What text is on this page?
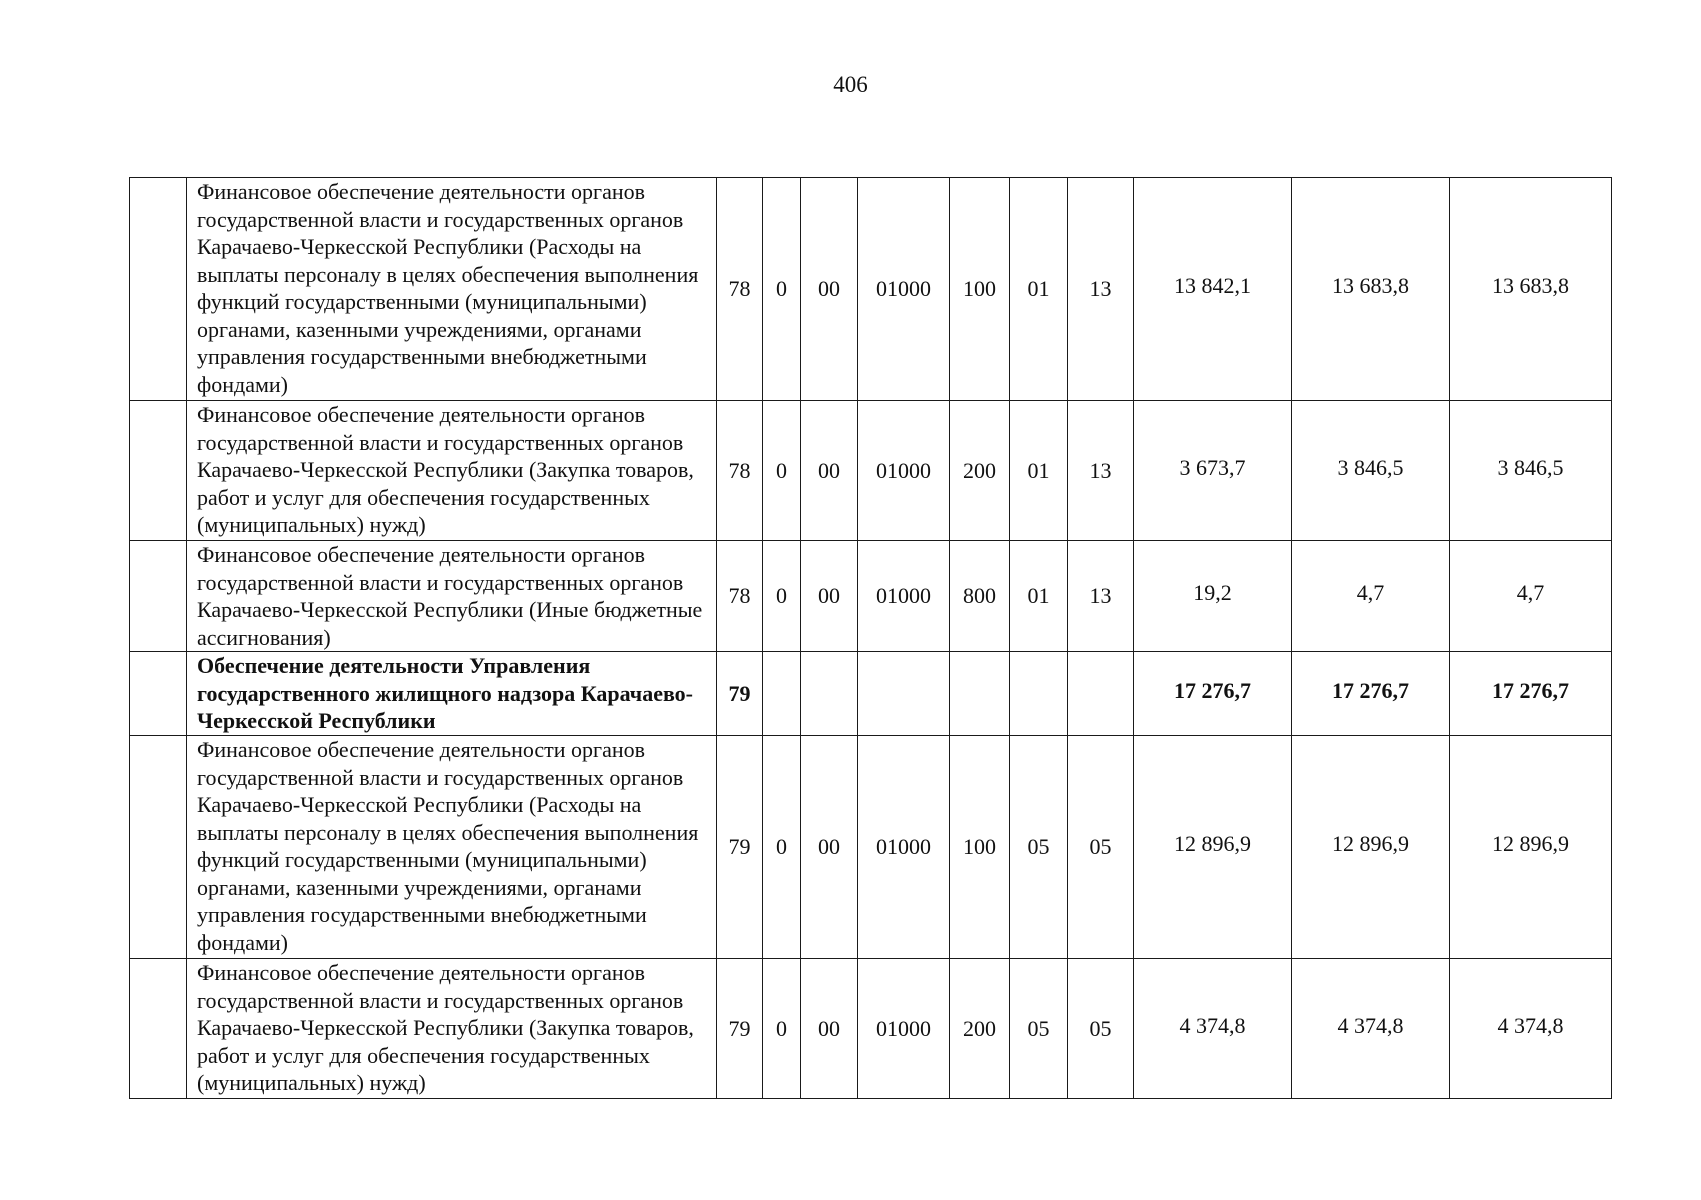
406
	Финансовое обеспечение деятельности органов государственной власти и государственных органов Карачаево-Черкесской Республики (Расходы на выплаты персоналу в целях обеспечения выполнения функций государственными (муниципальными) органами, казенными учреждениями, органами управления государственными внебюджетными фондами)	78	0	00	01000	100	01	13	13 842,1	13 683,8	13 683,8
	Финансовое обеспечение деятельности органов государственной власти и государственных органов Карачаево-Черкесской Республики (Закупка товаров, работ и услуг для обеспечения государственных (муниципальных) нужд)	78	0	00	01000	200	01	13	3 673,7	3 846,5	3 846,5
	Финансовое обеспечение деятельности органов государственной власти и государственных органов Карачаево-Черкесской Республики (Иные бюджетные ассигнования)	78	0	00	01000	800	01	13	19,2	4,7	4,7
	Обеспечение деятельности Управления государственного жилищного надзора Карачаево-Черкесской Республики	79							17 276,7	17 276,7	17 276,7
	Финансовое обеспечение деятельности органов государственной власти и государственных органов Карачаево-Черкесской Республики (Расходы на выплаты персоналу в целях обеспечения выполнения функций государственными (муниципальными) органами, казенными учреждениями, органами управления государственными внебюджетными фондами)	79	0	00	01000	100	05	05	12 896,9	12 896,9	12 896,9
	Финансовое обеспечение деятельности органов государственной власти и государственных органов Карачаево-Черкесской Республики (Закупка товаров, работ и услуг для обеспечения государственных (муниципальных) нужд)	79	0	00	01000	200	05	05	4 374,8	4 374,8	4 374,8
